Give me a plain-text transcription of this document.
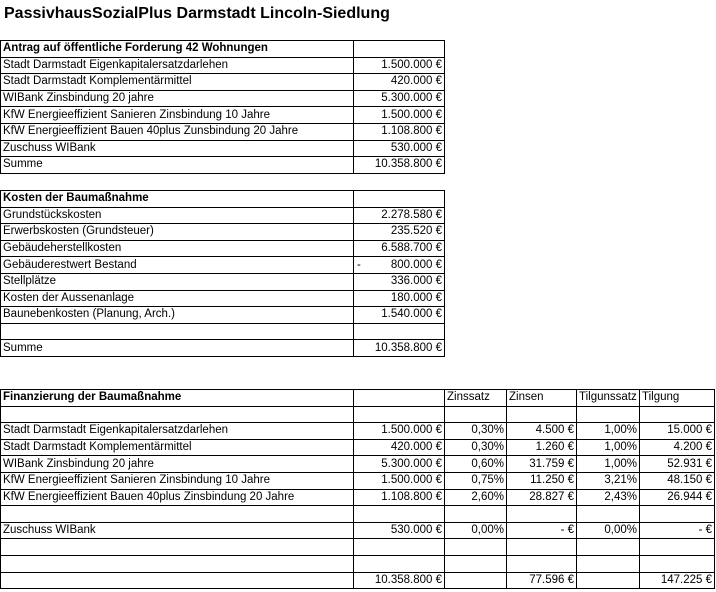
PassivhausSozialPlus Darmstadt Lincoln-Siedlung
Antrag auf öffentliche Forderung 42 Wohnungen	
Stadt Darmstadt Eigenkapitalersatzdarlehen	1.500.000 €
Stadt Darmstadt Komplementärmittel	420.000 €
WIBank Zinsbindung 20 jahre	5.300.000 €
KfW Energieeffizient Sanieren Zinsbindung 10 Jahre	1.500.000 €
KfW Energieeffizient Bauen 40plus Zunsbindung 20 Jahre	1.108.800 €
Zuschuss WIBank	530.000 €
Summe	10.358.800 €
Kosten der Baumaßnahme	
Grundstückskosten	2.278.580 €
Erwerbskosten (Grundsteuer)	235.520 €
Gebäudeherstellkosten	6.588.700 €
Gebäuderestwert Bestand	- 800.000 €
Stellplätze	336.000 €
Kosten der Aussenanlage	180.000 €
Baunebenkosten (Planung, Arch.)	1.540.000 €

Summe	10.358.800 €
Finanzierung der Baumaßnahme		Zinssatz	Zinsen	Tilgunssatz	Tilgung

Stadt Darmstadt Eigenkapitalersatzdarlehen	1.500.000 €	0,30%	4.500 €	1,00%	15.000 €
Stadt Darmstadt Komplementärmittel	420.000 €	0,30%	1.260 €	1,00%	4.200 €
WIBank Zinsbindung 20 jahre	5.300.000 €	0,60%	31.759 €	1,00%	52.931 €
KfW Energieeffizient Sanieren Zinsbindung 10 Jahre	1.500.000 €	0,75%	11.250 €	3,21%	48.150 €
KfW Energieeffizient Bauen 40plus Zinsbindung 20 Jahre	1.108.800 €	2,60%	28.827 €	2,43%	26.944 €

Zuschuss WIBank	530.000 €	0,00%	- €	0,00%	- €

	10.358.800 €		77.596 €		147.225 €
